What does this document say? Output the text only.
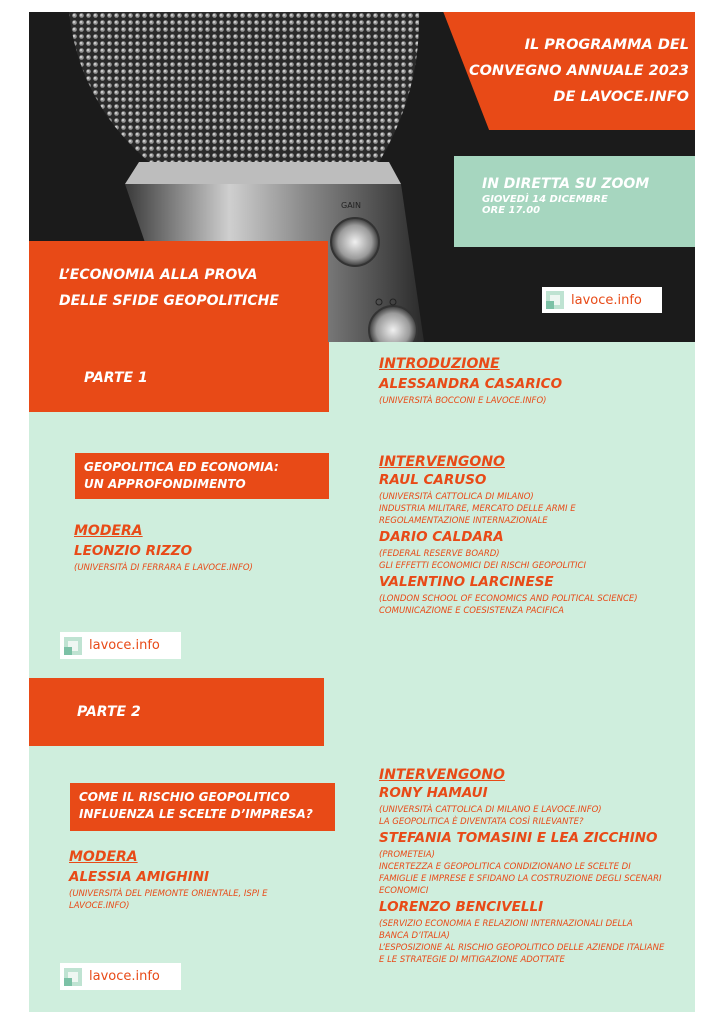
GAIN
IL PROGRAMMA DEL
CONVEGNO ANNUALE 2023
DE LAVOCE.INFO
IN DIRETTA SU ZOOM
GIOVEDÌ 14 DICEMBRE
ORE 17.00
L’ECONOMIA ALLA PROVA
DELLE SFIDE GEOPOLITICHE	lavoce.info
PARTE 1
INTRODUZIONE
ALESSANDRA CASARICO
(UNIVERSITÀ BOCCONI E LAVOCE.INFO)
GEOPOLITICA ED ECONOMIA:
UN APPROFONDIMENTO
MODERA
LEONZIO RIZZO
(UNIVERSITÀ DI FERRARA E LAVOCE.INFO)
INTERVENGONO
RAUL CARUSO
(UNIVERSITÀ CATTOLICA DI MILANO)
INDUSTRIA MILITARE, MERCATO DELLE ARMI E
REGOLAMENTAZIONE INTERNAZIONALE
DARIO CALDARA
(FEDERAL RESERVE BOARD)
GLI EFFETTI ECONOMICI DEI RISCHI GEOPOLITICI
VALENTINO LARCINESE
(LONDON SCHOOL OF ECONOMICS AND POLITICAL SCIENCE)
COMUNICAZIONE E COESISTENZA PACIFICA
lavoce.info
PARTE 2
COME IL RISCHIO GEOPOLITICO
INFLUENZA LE SCELTE D’IMPRESA?
MODERA
ALESSIA AMIGHINI
(UNIVERSITÀ DEL PIEMONTE ORIENTALE, ISPI E
LAVOCE.INFO)
INTERVENGONO
RONY HAMAUI
(UNIVERSITÀ CATTOLICA DI MILANO E LAVOCE.INFO)
LA GEOPOLITICA È DIVENTATA COSÌ RILEVANTE?
STEFANIA TOMASINI E LEA ZICCHINO
(PROMETEIA)
INCERTEZZA E GEOPOLITICA CONDIZIONANO LE SCELTE DI
FAMIGLIE E IMPRESE E SFIDANO LA COSTRUZIONE DEGLI SCENARI
ECONOMICI
LORENZO BENCIVELLI
(SERVIZIO ECONOMIA E RELAZIONI INTERNAZIONALI DELLA
BANCA D’ITALIA)
L’ESPOSIZIONE AL RISCHIO GEOPOLITICO DELLE AZIENDE ITALIANE
E LE STRATEGIE DI MITIGAZIONE ADOTTATE
lavoce.info
